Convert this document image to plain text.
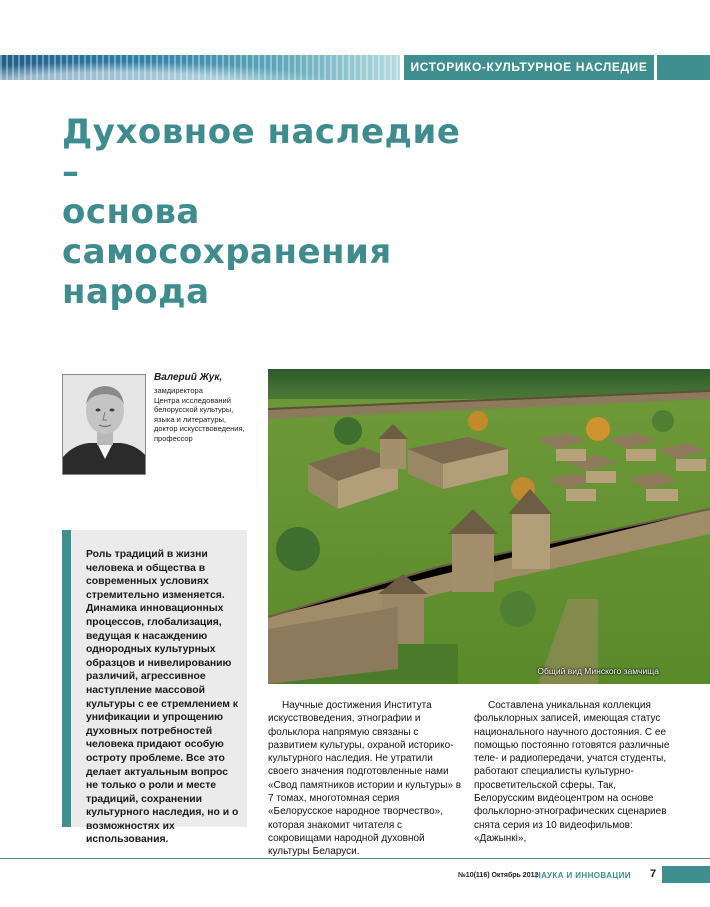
ИСТОРИКО-КУЛЬТУРНОЕ НАСЛЕДИЕ
Духовное наследие –
основа
самосохранения
народа
Валерий Жук,
замдиректора
Центра исследований
белорусской культуры,
языка и литературы,
доктор искусствоведения,
профессор
Общий вид Минского замчища
Роль традиций в жизни человека и общества в современных условиях стремительно изменяется. Динамика инновационных процессов, глобализация, ведущая к насаждению однородных культурных образцов и нивелированию различий, агрессивное наступление массовой культуры с ее стремлением к унификации и упрощению духовных потребностей человека придают особую остроту проблеме. Все это делает актуальным вопрос не только о роли и месте традиций, сохранении культурного наследия, но и о возможностях их использования.

Научные достижения Института искусствоведения, этнографии и фольклора напрямую связаны с развитием культуры, охраной историко-культурного наследия. Не утратили своего значения подготовленные нами «Свод памятников истории и культуры» в 7 томах, многотомная серия «Белорусское народное творчество», которая знакомит читателя с сокровищами народной духовной культуры Беларуси.

Составлена уникальная коллекция фольклорных записей, имеющая статус национального научного достояния. С ее помощью постоянно готовятся различные теле- и радиопередачи, учатся студенты, работают специалисты культурно-просветительской сферы. Так, Белорусским видеоцентром на основе фольклорно-этнографических сценариев снята серия из 10 видеофильмов: «Дажынкі»,

№10(116) Октябрь 2012
НАУКА И ИННОВАЦИИ 7
